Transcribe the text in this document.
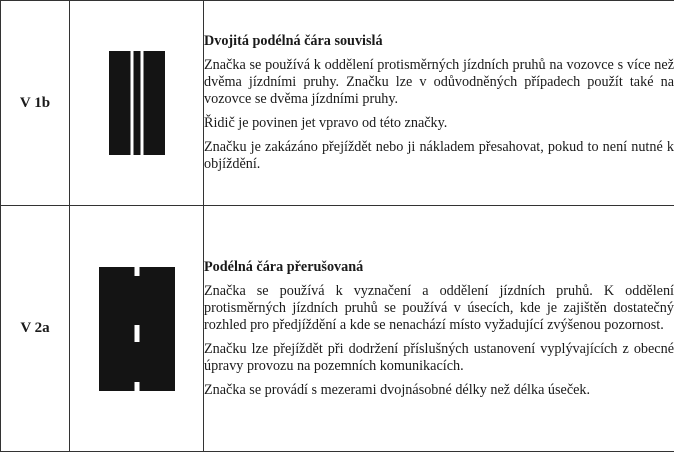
V 1b		Dvojitá podélná čára souvislá
Značka se používá k oddělení protisměrných jízdních pruhů na vozovce s více než dvěma jízdními pruhy. Značku lze v odůvodněných případech použít také na vozovce se dvěma jízdními pruhy.
Řidič je povinen jet vpravo od této značky.
Značku je zakázáno přejíždět nebo ji nákladem přesahovat, pokud to není nutné k objíždění.

V 2a		Podélná čára přerušovaná
Značka se používá k vyznačení a oddělení jízdních pruhů. K oddělení protisměrných jízdních pruhů se používá v úsecích, kde je zajištěn dostatečný rozhled pro předjíždění a kde se nenachází místo vyžadující zvýšenou pozornost.
Značku lze přejíždět při dodržení příslušných ustanovení vyplývajících z obecné úpravy provozu na pozemních komunikacích.
Značka se provádí s mezerami dvojnásobné délky než délka úseček.
